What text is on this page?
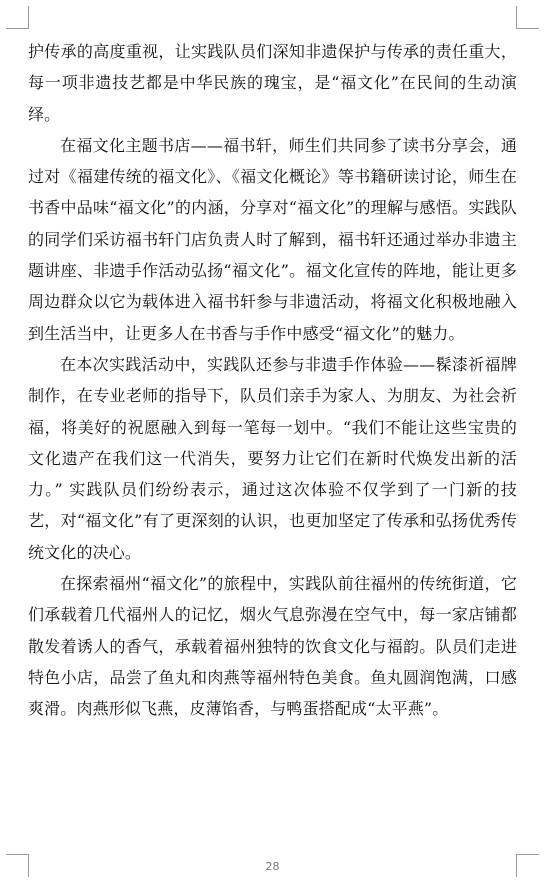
护传承的高度重视，让实践队员们深知非遗保护与传承的责任重大，每一项非遗技艺都是中华民族的瑰宝，是“福文化”在民间的生动演绎。

在福文化主题书店——福书轩，师生们共同参了读书分享会，通过对《福建传统的福文化》、《福文化概论》等书籍研读讨论，师生在书香中品味“福文化”的内涵，分享对“福文化”的理解与感悟。实践队的同学们采访福书轩门店负责人时了解到，福书轩还通过举办非遗主题讲座、非遗手作活动弘扬“福文化”。福文化宣传的阵地，能让更多周边群众以它为载体进入福书轩参与非遗活动，将福文化积极地融入到生活当中，让更多人在书香与手作中感受“福文化”的魅力。

在本次实践活动中，实践队还参与非遗手作体验——髹漆祈福牌制作，在专业老师的指导下，队员们亲手为家人、为朋友、为社会祈福，将美好的祝愿融入到每一笔每一划中。“我们不能让这些宝贵的文化遗产在我们这一代消失，要努力让它们在新时代焕发出新的活力。” 实践队员们纷纷表示，通过这次体验不仅学到了一门新的技艺，对“福文化”有了更深刻的认识，也更加坚定了传承和弘扬优秀传统文化的决心。

在探索福州“福文化”的旅程中，实践队前往福州的传统街道，它们承载着几代福州人的记忆，烟火气息弥漫在空气中，每一家店铺都散发着诱人的香气，承载着福州独特的饮食文化与福韵。队员们走进特色小店，品尝了鱼丸和肉燕等福州特色美食。鱼丸圆润饱满，口感爽滑。肉燕形似飞燕，皮薄馅香，与鸭蛋搭配成“太平燕”。

28
